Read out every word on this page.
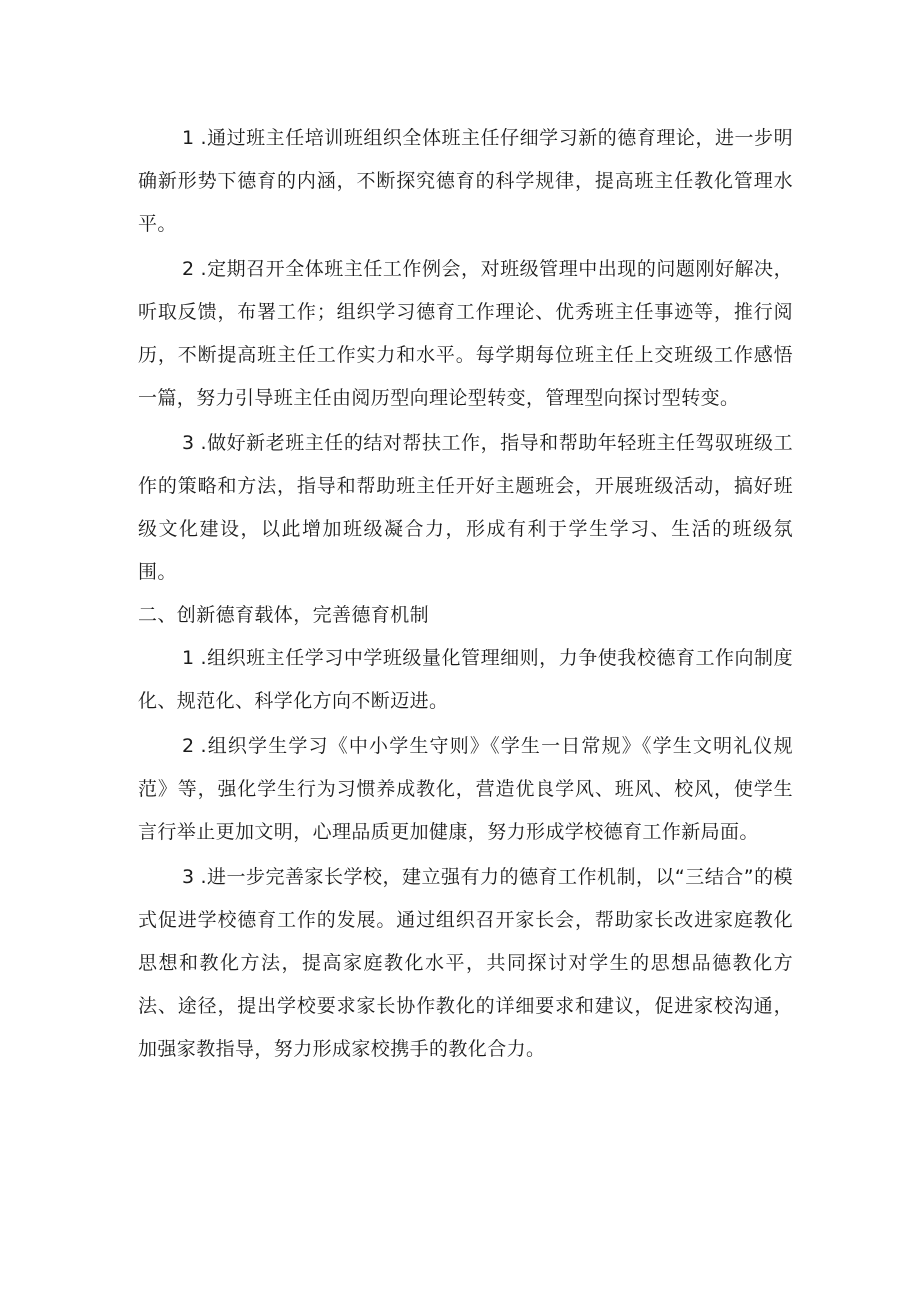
1 .通过班主任培训班组织全体班主任仔细学习新的德育理论，进一步明确新形势下德育的内涵，不断探究德育的科学规律，提高班主任教化管理水平。

2 .定期召开全体班主任工作例会，对班级管理中出现的问题刚好解决，听取反馈，布署工作；组织学习德育工作理论、优秀班主任事迹等，推行阅历，不断提高班主任工作实力和水平。每学期每位班主任上交班级工作感悟一篇，努力引导班主任由阅历型向理论型转变，管理型向探讨型转变。

3 .做好新老班主任的结对帮扶工作，指导和帮助年轻班主任驾驭班级工作的策略和方法，指导和帮助班主任开好主题班会，开展班级活动，搞好班级文化建设，以此增加班级凝合力，形成有利于学生学习、生活的班级氛围。

二、创新德育载体，完善德育机制

1 .组织班主任学习中学班级量化管理细则，力争使我校德育工作向制度化、规范化、科学化方向不断迈进。

2 .组织学生学习《中小学生守则》《学生一日常规》《学生文明礼仪规范》等，强化学生行为习惯养成教化，营造优良学风、班风、校风，使学生言行举止更加文明，心理品质更加健康，努力形成学校德育工作新局面。

3 .进一步完善家长学校，建立强有力的德育工作机制，以“三结合”的模式促进学校德育工作的发展。通过组织召开家长会，帮助家长改进家庭教化思想和教化方法，提高家庭教化水平，共同探讨对学生的思想品德教化方法、途径，提出学校要求家长协作教化的详细要求和建议，促进家校沟通，加强家教指导，努力形成家校携手的教化合力。
